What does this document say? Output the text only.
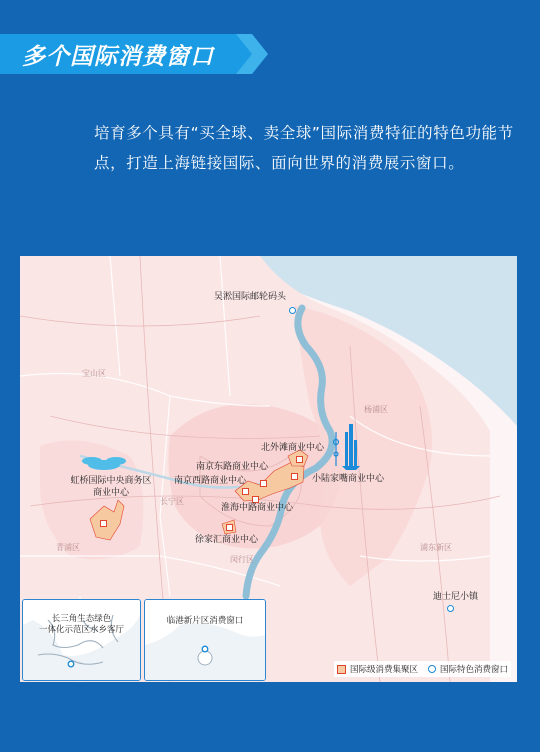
多个国际消费窗口
培育多个具有“买全球、卖全球”国际消费特征的特色功能节点，打造上海链接国际、面向世界的消费展示窗口。
宝山区
杨浦区
长宁区
浦东新区
闵行区
青浦区
吴淞国际邮轮码头
北外滩商业中心
南京东路商业中心
南京西路商业中心	小陆家嘴商业中心
虹桥国际中央商务区
商业中心
淮海中路商业中心
徐家汇商业中心
迪士尼小镇
长三角生态绿色
一体化示范区水乡客厅
临港新片区消费窗口
国际级消费集聚区	国际特色消费窗口
